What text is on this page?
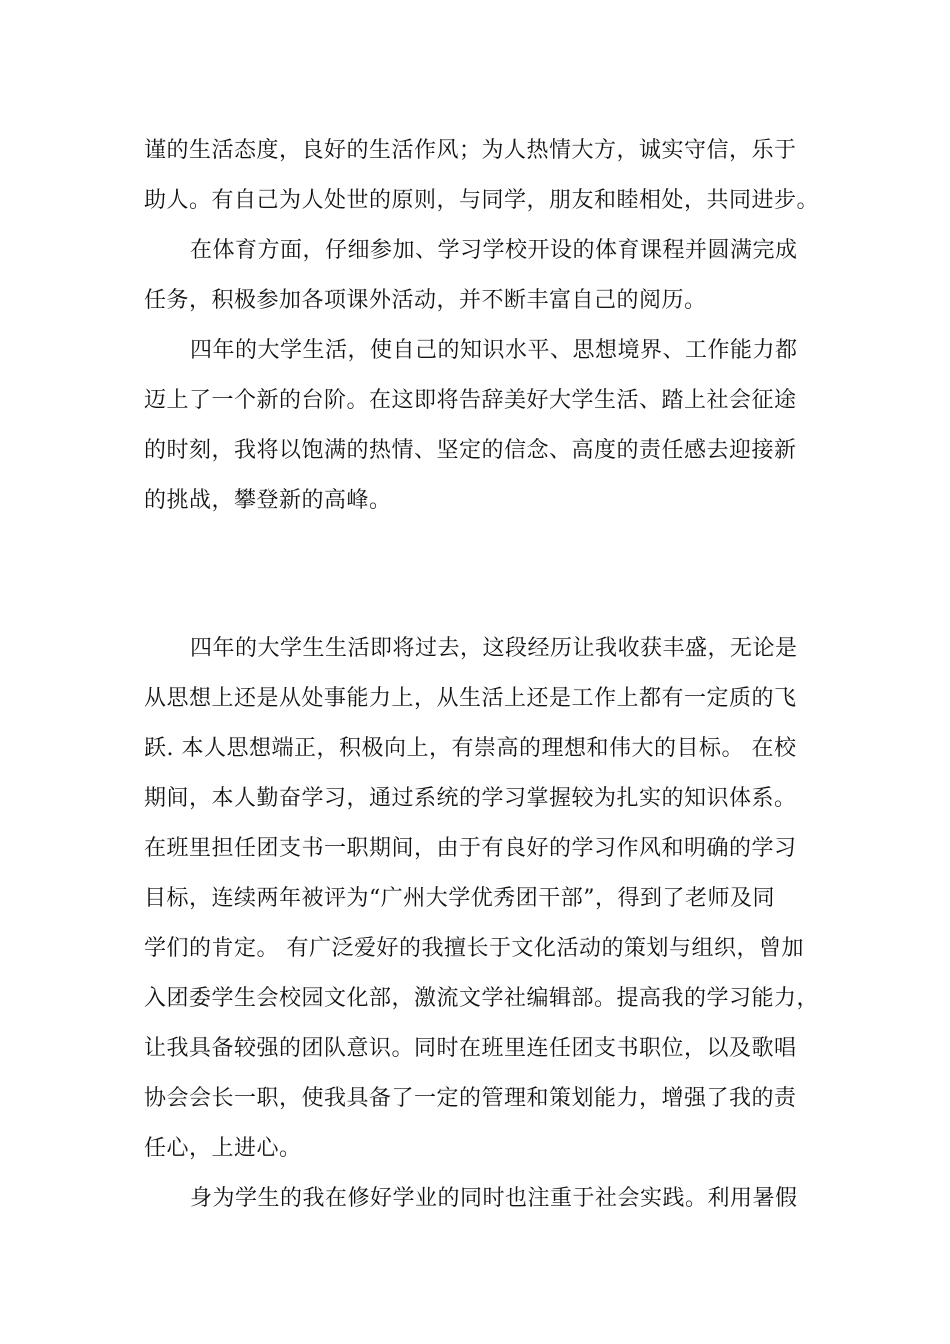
谨的生活态度，良好的生活作风；为人热情大方，诚实守信，乐于
助人。有自己为人处世的原则，与同学，朋友和睦相处，共同进步。
在体育方面，仔细参加、学习学校开设的体育课程并圆满完成
任务，积极参加各项课外活动，并不断丰富自己的阅历。
四年的大学生活，使自己的知识水平、思想境界、工作能力都
迈上了一个新的台阶。在这即将告辞美好大学生活、踏上社会征途
的时刻，我将以饱满的热情、坚定的信念、高度的责任感去迎接新
的挑战，攀登新的高峰。
四年的大学生生活即将过去，这段经历让我收获丰盛，无论是
从思想上还是从处事能力上，从生活上还是工作上都有一定质的飞
跃. 本人思想端正，积极向上，有崇高的理想和伟大的目标。 在校
期间，本人勤奋学习，通过系统的学习掌握较为扎实的知识体系。
在班里担任团支书一职期间，由于有良好的学习作风和明确的学习
目标，连续两年被评为“广州大学优秀团干部”，得到了老师及同
学们的肯定。 有广泛爱好的我擅长于文化活动的策划与组织，曾加
入团委学生会校园文化部，激流文学社编辑部。提高我的学习能力，
让我具备较强的团队意识。同时在班里连任团支书职位，以及歌唱
协会会长一职，使我具备了一定的管理和策划能力，增强了我的责
任心，上进心。
身为学生的我在修好学业的同时也注重于社会实践。利用暑假
